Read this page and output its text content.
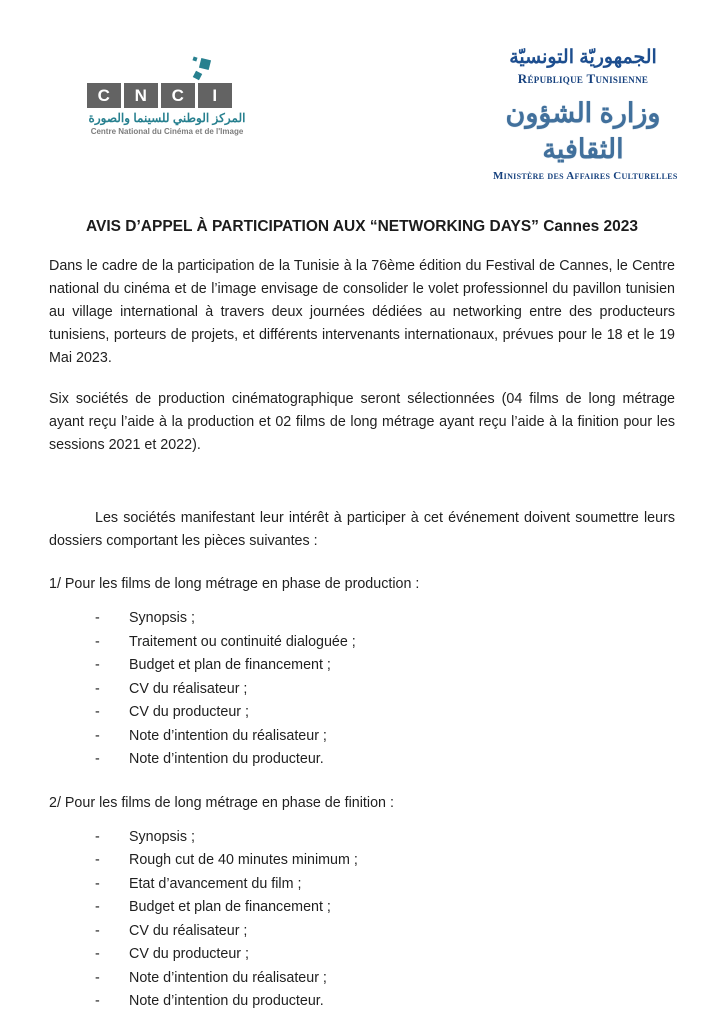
C	N	C	I
المركز الوطني للسينما والصورة
Centre National du Cinéma et de l'Image
الجمهوريّة التونسيّة
République Tunisienne
وزارة الشؤون الثقافية
Ministère des Affaires Culturelles
AVIS D’APPEL À PARTICIPATION AUX “NETWORKING DAYS” Cannes 2023

Dans le cadre de la participation de la Tunisie à la 76ème édition du Festival de Cannes, le Centre national du cinéma et de l’image envisage de consolider le volet professionnel du pavillon tunisien au village international à travers deux journées dédiées au networking entre des producteurs tunisiens, porteurs de projets, et différents intervenants internationaux, prévues pour le 18 et le 19 Mai 2023.

Six sociétés de production cinématographique seront sélectionnées (04 films de long métrage ayant reçu l’aide à la production et 02 films de long métrage ayant reçu l’aide à la finition pour les sessions 2021 et 2022).

Les sociétés manifestant leur intérêt à participer à cet événement doivent soumettre leurs dossiers comportant les pièces suivantes :

1/ Pour les films de long métrage en phase de production :

-	Synopsis ;
-	Traitement ou continuité dialoguée ;
-	Budget et plan de financement ;
-	CV du réalisateur ;
-	CV du producteur ;
-	Note d’intention du réalisateur ;
-	Note d’intention du producteur.

2/ Pour les films de long métrage en phase de finition :

-	Synopsis ;
-	Rough cut de 40 minutes minimum ;
-	Etat d’avancement du film ;
-	Budget et plan de financement ;
-	CV du réalisateur ;
-	CV du producteur ;
-	Note d’intention du réalisateur ;
-	Note d’intention du producteur.
